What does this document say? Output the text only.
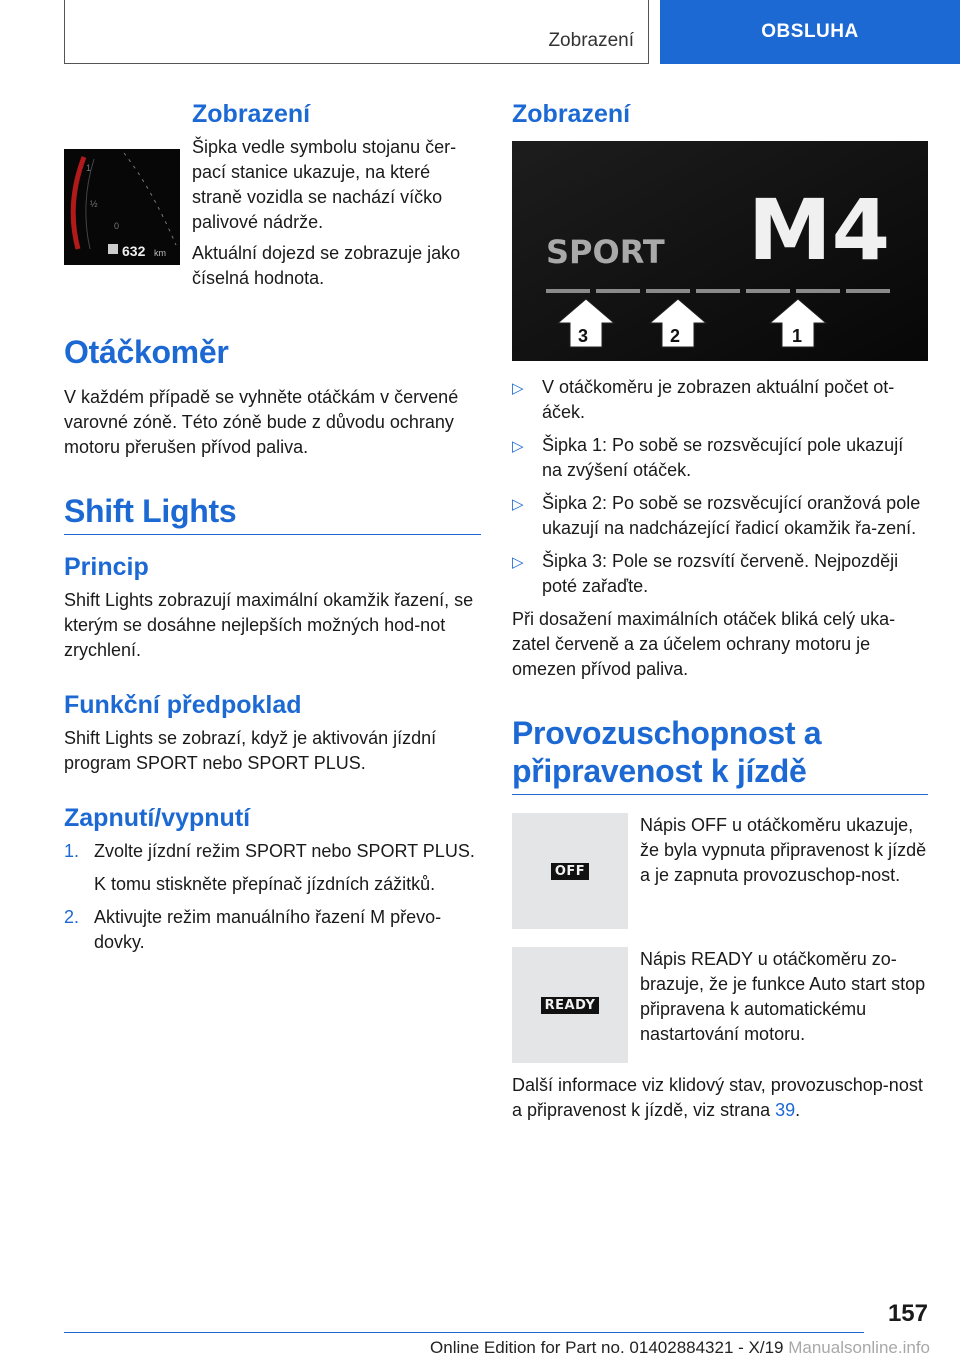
Zobrazení	OBSLUHA
1
½
0
632 km
Zobrazení

Šipka vedle symbolu stojanu čer-pací stanice ukazuje, na které straně vozidla se nachází víčko palivové nádrže.

Aktuální dojezd se zobrazuje jako číselná hodnota.

Otáčkoměr

V každém případě se vyhněte otáčkám v červené varovné zóně. Této zóně bude z důvodu ochrany motoru přerušen přívod paliva.

Shift Lights
Princip

Shift Lights zobrazují maximální okamžik řazení, se kterým se dosáhne nejlepších možných hod-not zrychlení.

Funkční předpoklad

Shift Lights se zobrazí, když je aktivován jízdní program SPORT nebo SPORT PLUS.

Zapnutí/vypnutí
1. Zvolte jízdní režim SPORT nebo SPORT PLUS.
K tomu stiskněte přepínač jízdních zážitků.
2. Aktivujte režim manuálního řazení M převo-dovky.
Zobrazení
SPORT M4
3	2	1
▷ V otáčkoměru je zobrazen aktuální počet ot-áček.
▷ Šipka 1: Po sobě se rozsvěcující pole ukazují na zvýšení otáček.
▷ Šipka 2: Po sobě se rozsvěcující oranžová pole ukazují na nadcházející řadicí okamžik řa-zení.
▷ Šipka 3: Pole se rozsvítí červeně. Nejpozději poté zařaďte.

Při dosažení maximálních otáček bliká celý uka-zatel červeně a za účelem ochrany motoru je omezen přívod paliva.

Provozuschopnost a připravenost k jízdě
OFF

Nápis OFF u otáčkoměru ukazuje, že byla vypnuta připravenost k jízdě a je zapnuta provozuschop-nost.

READY

Nápis READY u otáčkoměru zo-brazuje, že je funkce Auto start stop připravena k automatickému nastartování motoru.

Další informace viz klidový stav, provozuschop-nost a připravenost k jízdě, viz strana 39.

157
Online Edition for Part no. 01402884321 - X/19 Manualsonline.info
